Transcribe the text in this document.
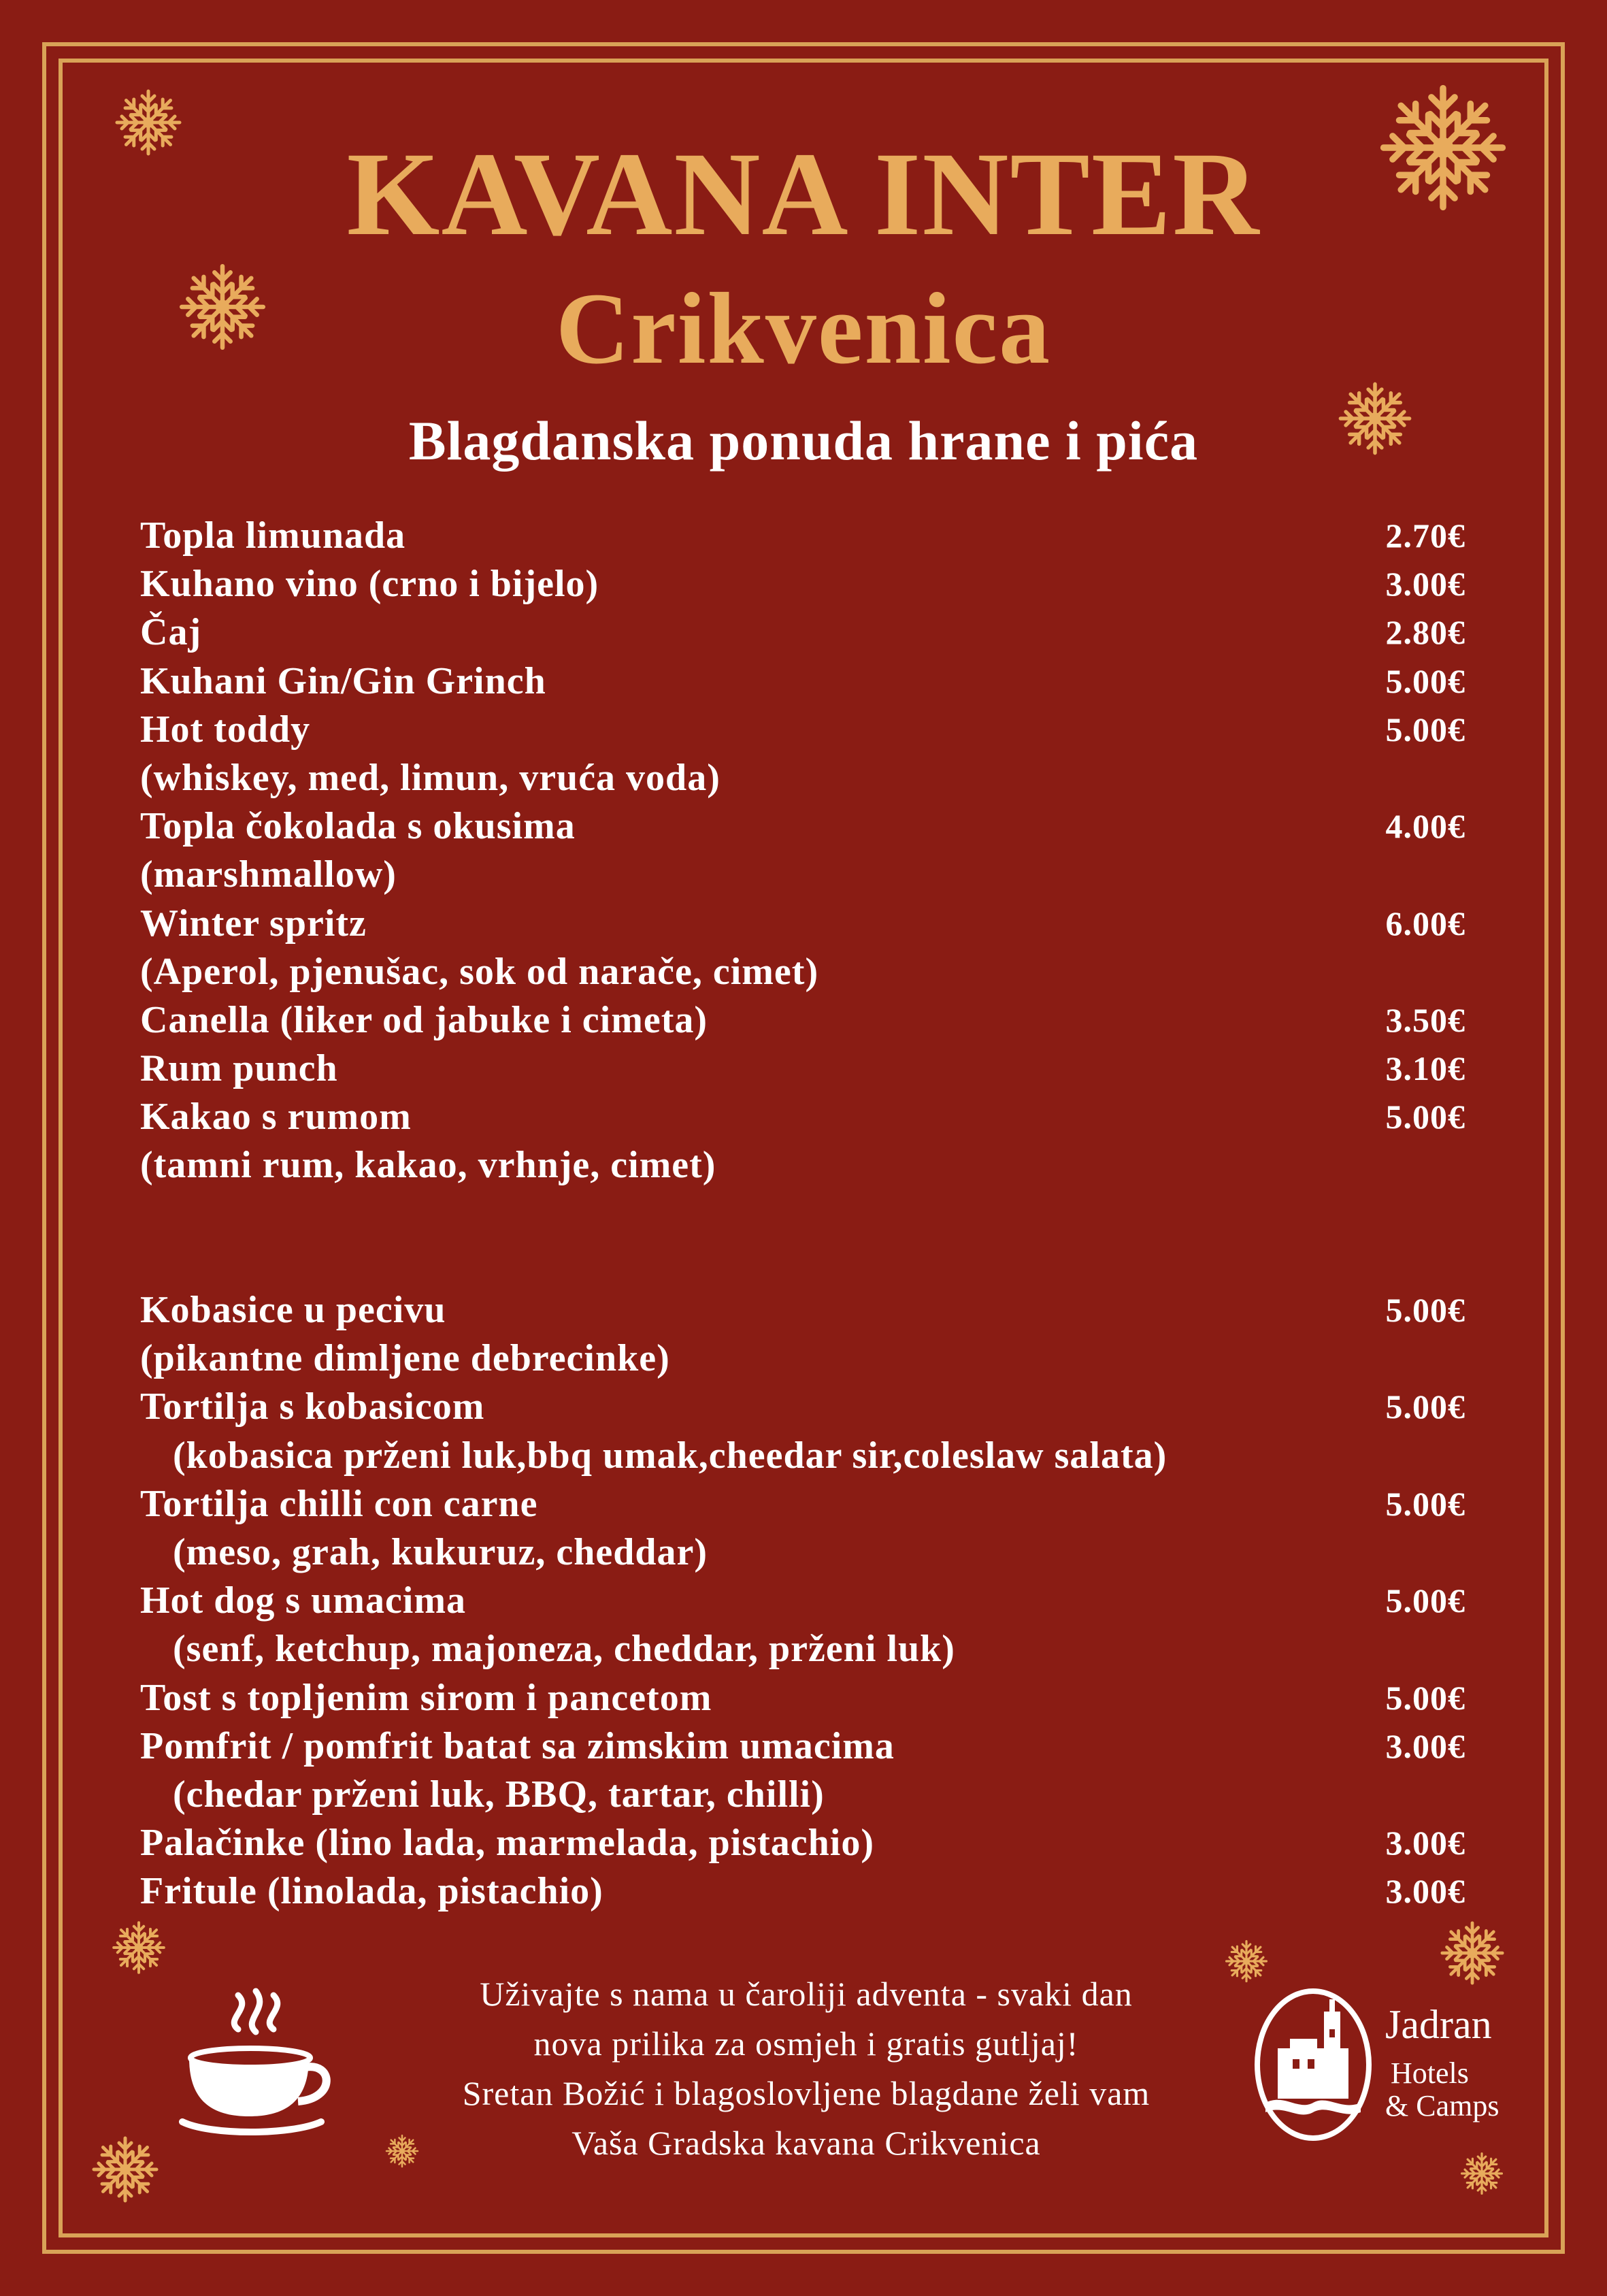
KAVANA INTER
Crikvenica
Blagdanska ponuda hrane i pića
Topla limunada	2.70€
Kuhano vino (crno i bijelo)	3.00€
Čaj	2.80€
Kuhani Gin/Gin Grinch	5.00€
Hot toddy	5.00€
(whiskey, med, limun, vruća voda)
Topla čokolada s okusima	4.00€
(marshmallow)
Winter spritz	6.00€
(Aperol, pjenušac, sok od narače, cimet)
Canella (liker od jabuke i cimeta)	3.50€
Rum punch	3.10€
Kakao s rumom	5.00€
(tamni rum, kakao, vrhnje, cimet)
Kobasice u pecivu	5.00€
(pikantne dimljene debrecinke)
Tortilja s kobasicom	5.00€
(kobasica prženi luk,bbq umak,cheedar sir,coleslaw salata)
Tortilja chilli con carne	5.00€
(meso, grah, kukuruz, cheddar)
Hot dog s umacima	5.00€
(senf, ketchup, majoneza, cheddar, prženi luk)
Tost s topljenim sirom i pancetom	5.00€
Pomfrit / pomfrit batat sa zimskim umacima	3.00€
(chedar prženi luk, BBQ, tartar, chilli)
Palačinke (lino lada, marmelada, pistachio)	3.00€
Fritule (linolada, pistachio)	3.00€
Uživajte s nama u čaroliji adventa - svaki dan
nova prilika za osmjeh i gratis gutljaj!
Sretan Božić i blagoslovljene blagdane želi vam
Vaša Gradska kavana Crikvenica
Jadran
Hotels
& Camps
